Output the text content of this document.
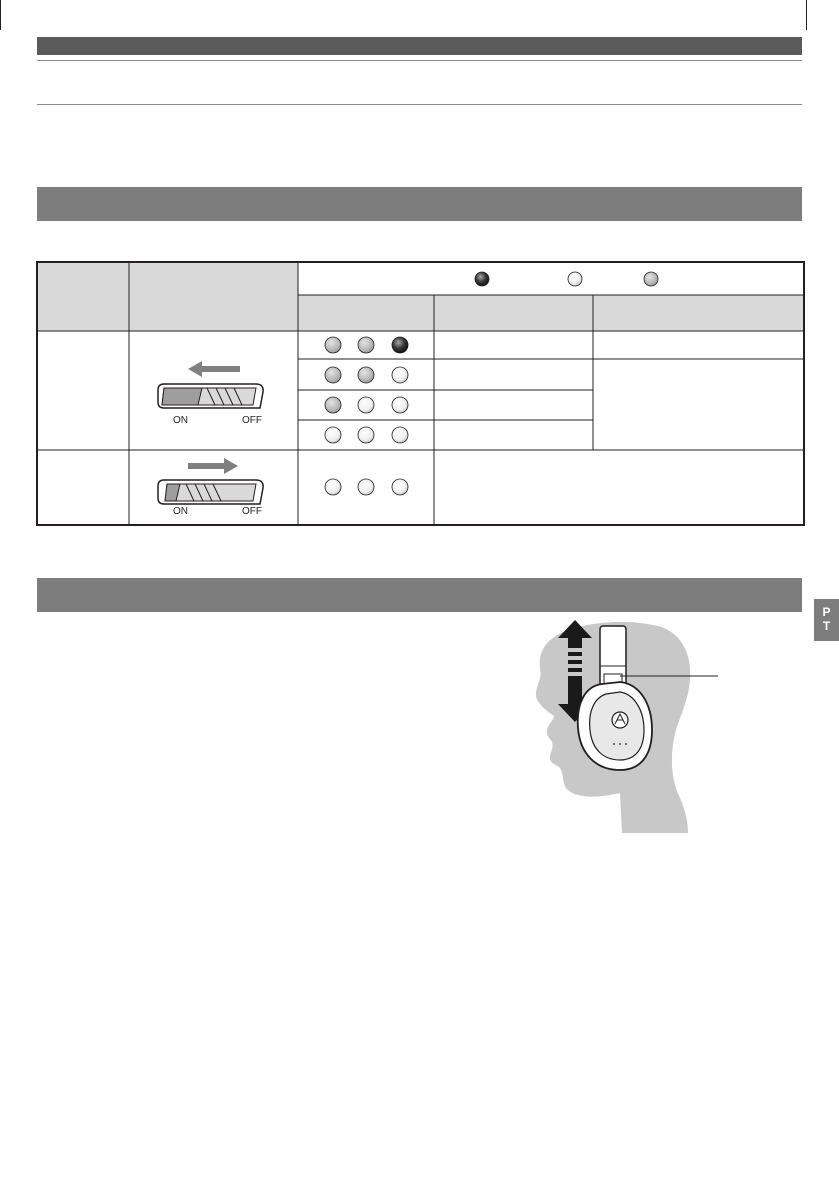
P
T
ON	OFF
ON	OFF
